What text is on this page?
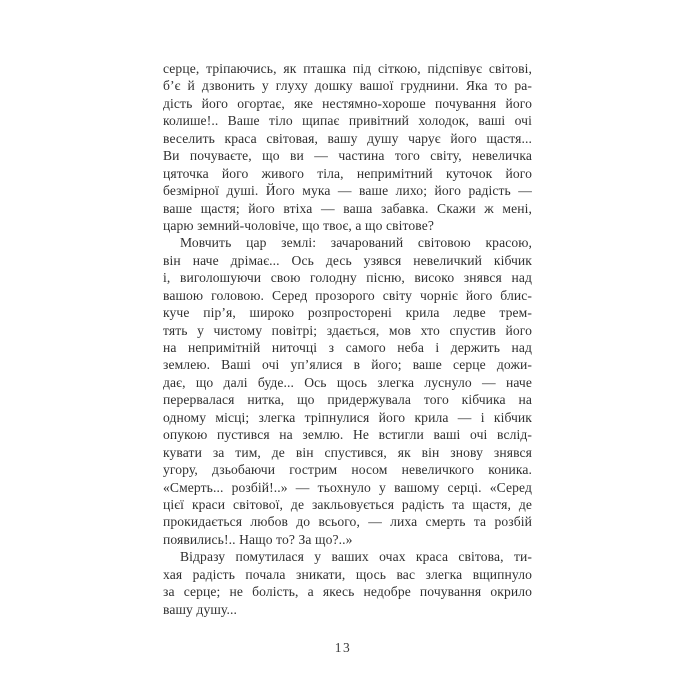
серце, тріпаючись, як пташка під сіткою, підспівує світові,
б’є й дзвонить у глуху дошку вашої груднини. Яка то ра-
дість його огортає, яке нестямно-хороше почування його
колише!.. Ваше тіло щипає привітний холодок, ваші очі
веселить краса світовая, вашу душу чарує його щастя...
Ви почуваєте, що ви — частина того світу, невеличка
цяточка його живого тіла, непримітний куточок його
безмірної душі. Його мука — ваше лихо; його радість —
ваше щастя; його втіха — ваша забавка. Скажи ж мені,
царю земний-чоловіче, що твоє, а що світове?
Мовчить цар землі: зачарований світовою красою,
він наче дрімає... Ось десь узявся невеличкий кібчик
і, виголошуючи свою голодну пісню, високо знявся над
вашою головою. Серед прозорого світу чорніє його блис-
куче пір’я, широко розпросторені крила ледве трем-
тять у чистому повітрі; здається, мов хто спустив його
на непримітній ниточці з самого неба і держить над
землею. Ваші очі уп’ялися в його; ваше серце дожи-
дає, що далі буде... Ось щось злегка луснуло — наче
перервалася нитка, що придержувала того кібчика на
одному місці; злегка тріпнулися його крила — і кібчик
опукою пустився на землю. Не встигли ваші очі вслід-
кувати за тим, де він спустився, як він знову знявся
угору, дзьобаючи гострим носом невеличкого коника.
«Смерть... розбій!..» — тьохнуло у вашому серці. «Серед
цієї краси світової, де закльовується радість та щастя, де
прокидається любов до всього, — лиха смерть та розбій
появились!.. Нащо то? За що?..»
Відразу помутилася у ваших очах краса світова, ти-
хая радість почала зникати, щось вас злегка вщипнуло
за серце; не болість, а якесь недобре почування окрило
вашу душу...
13
